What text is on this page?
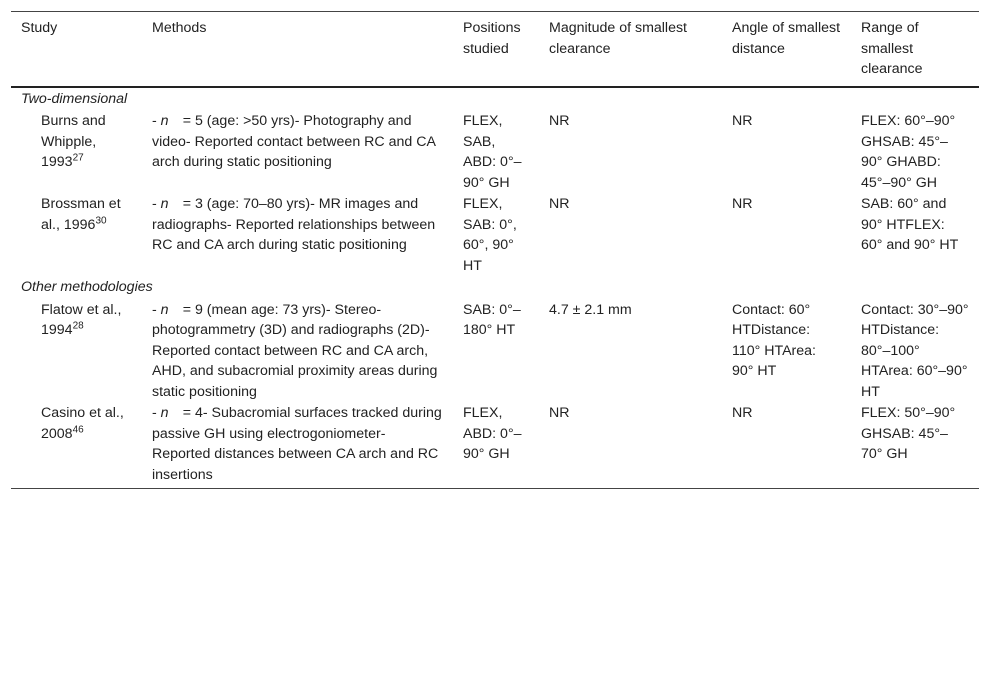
Study	Methods	Positions studied	Magnitude of smallest clearance	Angle of smallest distance	Range of smallest clearance
Two-dimensional					
Burns and Whipple, 1993$^{27}$	- n  = 5 (age: >50 yrs)- Photography and video- Reported contact between RC and CA arch during static positioning	FLEX, SAB, ABD: 0°–90° GH	NR	NR	FLEX: 60°–90° GHSAB: 45°–90° GHABD: 45°–90° GH
Brossman et al., 1996$^{30}$	- n  = 3 (age: 70–80 yrs)- MR images and radiographs- Reported relationships between RC and CA arch during static positioning	FLEX, SAB: 0°, 60°, 90° HT	NR	NR	SAB: 60° and 90° HTFLEX: 60° and 90° HT
Other methodologies					
Flatow et al., 1994$^{28}$	- n  = 9 (mean age: 73 yrs)- Stereo-photogrammetry (3D) and radiographs (2D)- Reported contact between RC and CA arch, AHD, and subacromial proximity areas during static positioning	SAB: 0°–180° HT	4.7 ± 2.1 mm	Contact: 60° HTDistance: 110° HTArea: 90° HT	Contact: 30°–90° HTDistance: 80°–100° HTArea: 60°–90° HT
Casino et al., 2008$^{46}$	- n  = 4- Subacromial surfaces tracked during passive GH using electrogoniometer- Reported distances between CA arch and RC insertions	FLEX, ABD: 0°–90° GH	NR	NR	FLEX: 50°–90° GHSAB: 45°–70° GH
